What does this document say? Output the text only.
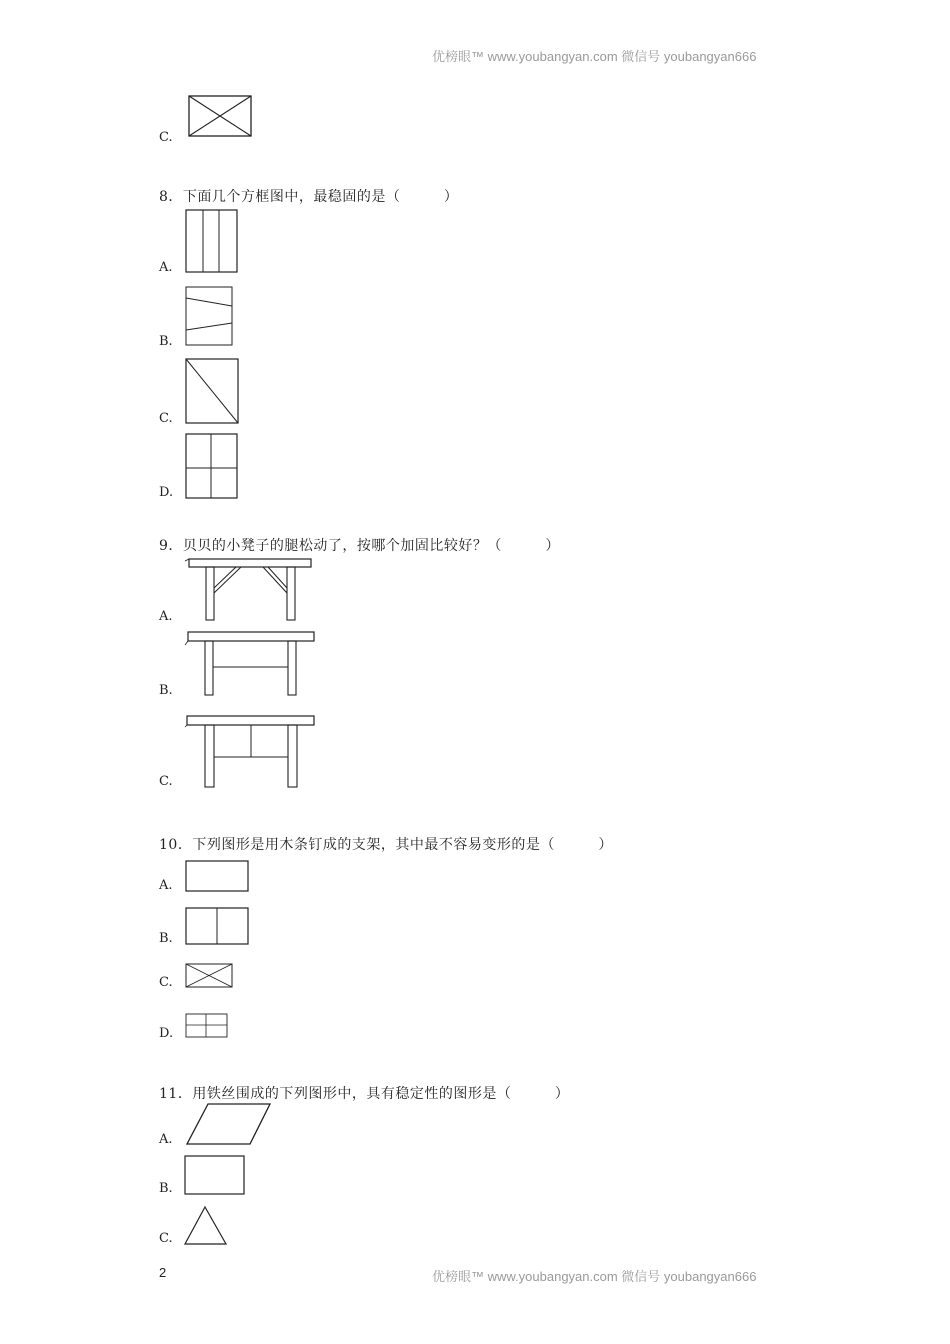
优榜眼™ www.youbangyan.com 微信号 youbangyan666
C.
8．下面几个方框图中，最稳固的是（　　　）
A.
B.
C.
D.
9．贝贝的小凳子的腿松动了，按哪个加固比较好？（　　　）
A.
B.
C.
10．下列图形是用木条钉成的支架，其中最不容易变形的是（　　　）
A.
B.
C.
D.
11．用铁丝围成的下列图形中，具有稳定性的图形是（　　　）
A.
B.
C.
2	优榜眼™ www.youbangyan.com 微信号 youbangyan666
